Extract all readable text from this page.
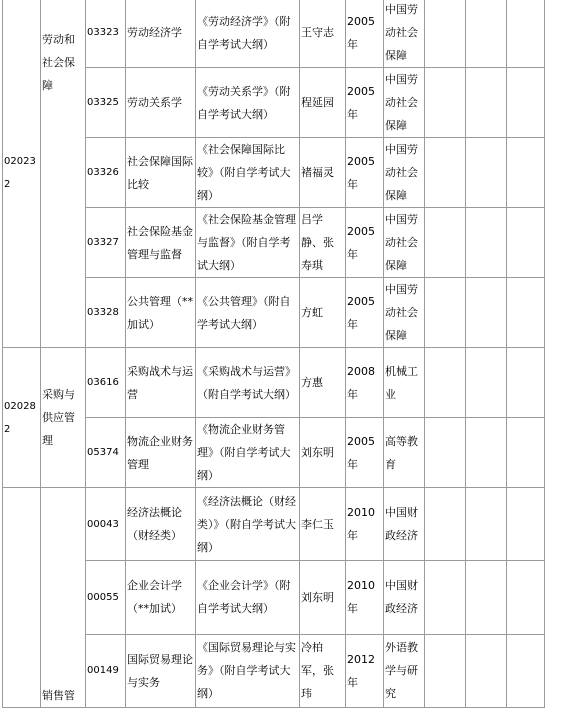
020232	劳动和社会保障	03323	劳动经济学	《劳动经济学》（附自学考试大纲）	王守志	2005年	中国劳动社会保障			
		03325	劳动关系学	《劳动关系学》（附自学考试大纲）	程延园	2005年	中国劳动社会保障			
		03326	社会保障国际比较	《社会保障国际比较》（附自学考试大纲）	褚福灵	2005年	中国劳动社会保障			
		03327	社会保险基金管理与监督	《社会保险基金管理与监督》（附自学考试大纲）	吕学静、张寿琪	2005年	中国劳动社会保障			
		03328	公共管理（**加试）	《公共管理》（附自学考试大纲）	方虹	2005年	中国劳动社会保障			
020282	采购与供应管理	03616	采购战术与运营	《采购战术与运营》（附自学考试大纲）	方惠	2008年	机械工业			
		05374	物流企业财务管理	《物流企业财务管理》（附自学考试大纲）	刘东明	2005年	高等教育			
	销售管	00043	经济法概论（财经类）	《经济法概论（财经类）》（附自学考试大纲）	李仁玉	2010年	中国财政经济			
		00055	企业会计学（**加试）	《企业会计学》（附自学考试大纲）	刘东明	2010年	中国财政经济			
		00149	国际贸易理论与实务	《国际贸易理论与实务》（附自学考试大纲）	冷柏军，张玮	2012年	外语教学与研究			
